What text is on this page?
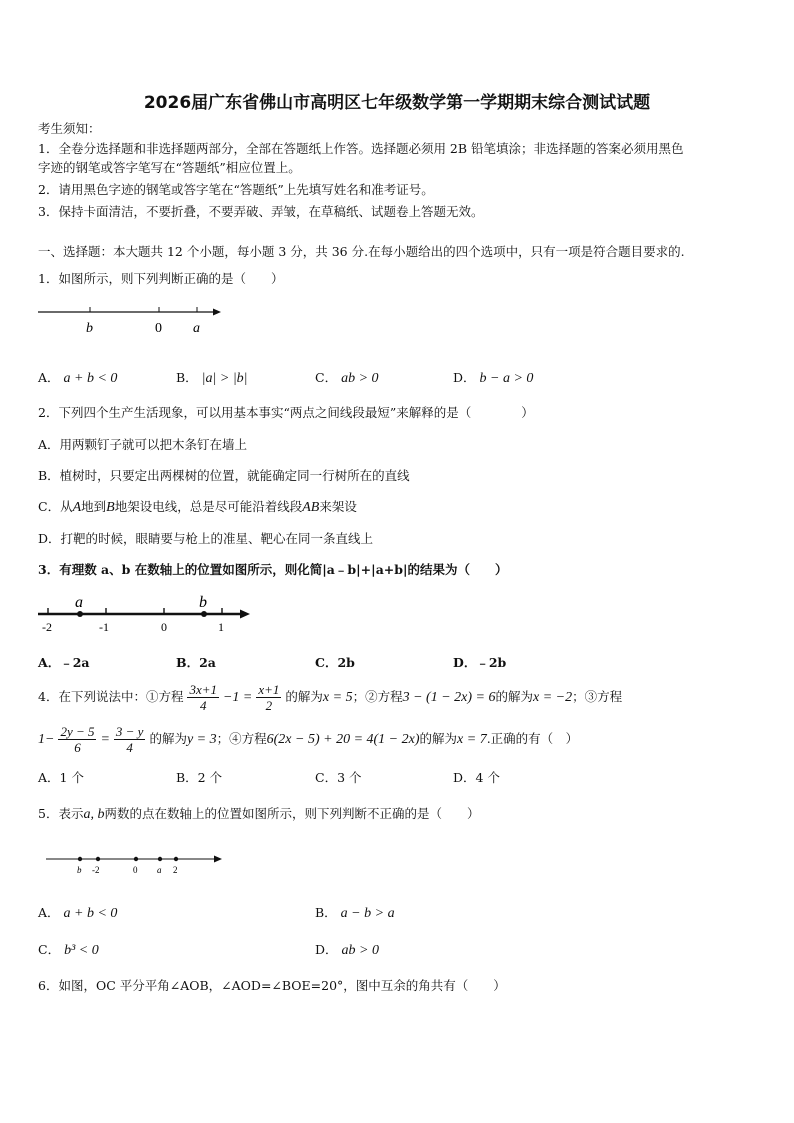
2026届广东省佛山市高明区七年级数学第一学期期末综合测试试题
考生须知：
1．全卷分选择题和非选择题两部分，全部在答题纸上作答。选择题必须用 2B 铅笔填涂；非选择题的答案必须用黑色
字迹的钢笔或答字笔写在“答题纸”相应位置上。
2．请用黑色字迹的钢笔或答字笔在“答题纸”上先填写姓名和准考证号。
3．保持卡面清洁，不要折叠，不要弄破、弄皱，在草稿纸、试题卷上答题无效。
一、选择题：本大题共 12 个小题，每小题 3 分，共 36 分.在每小题给出的四个选项中，只有一项是符合题目要求的.
1．如图所示，则下列判断正确的是（　　）
b	0 a
A． a + b < 0	B． |a| > |b|	C． ab > 0	D． b − a > 0
2．下列四个生产生活现象，可以用基本事实“两点之间线段最短”来解释的是（　　　　）
A．用两颗钉子就可以把木条钉在墙上
B．植树时，只要定出两棵树的位置，就能确定同一行树所在的直线
C．从A地到B地架设电线，总是尽可能沿着线段AB来架设
D．打靶的时候，眼睛要与枪上的准星、靶心在同一条直线上
3．有理数 a、b 在数轴上的位置如图所示，则化简|a﹣b|+|a+b|的结果为（　　）
a	b
-2	-1	0	1
A．﹣2a	B．2a	C．2b	D．﹣2b
4．在下列说法中：①方程 $\frac{3x+1}{4} -1 = \frac{x+1}{2}$ 的解为x = 5；②方程3 − (1 − 2x) = 6的解为x = −2；③方程
$1- \frac{2y - 5}{6} = \frac{3 - y}{4}$ 的解为y = 3；④方程6(2x − 5) + 20 = 4(1 − 2x)的解为x = 7.正确的有（　）
A．1 个	B．2 个	C．3 个	D．4 个
5．表示a, b两数的点在数轴上的位置如图所示，则下列判断不正确的是（　　）
b -2	0 a 2
A． a + b < 0	B． a − b > a
C． b³ < 0	D． ab > 0
6．如图，OC 平分平角∠AOB，∠AOD=∠BOE=20°，图中互余的角共有（　　）
